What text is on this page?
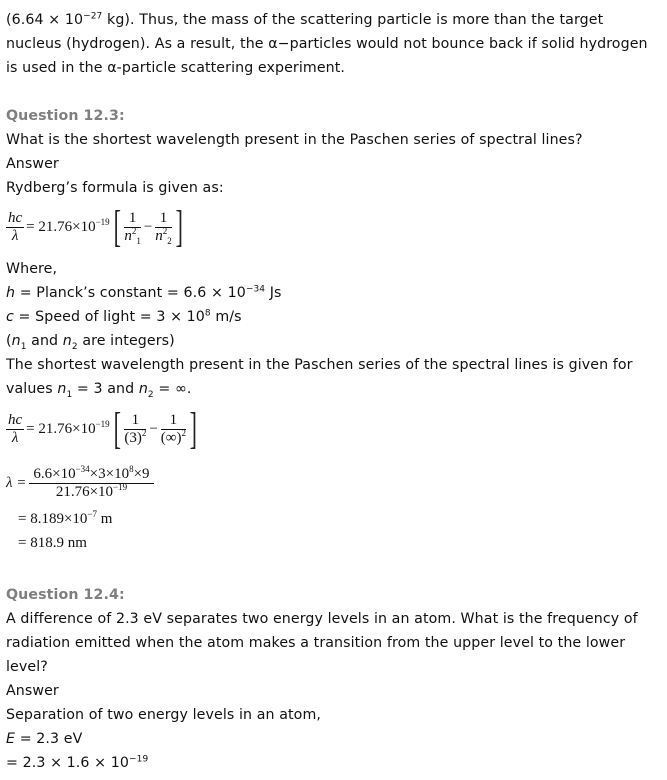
($6.64 \times 10^{-27}$ kg). Thus, the mass of the scattering particle is more than the target
nucleus (hydrogen). As a result, the α−particles would not bounce back if solid hydrogen
is used in the α-particle scattering experiment.
Question 12.3:
What is the shortest wavelength present in the Paschen series of spectral lines?
Answer
Rydberg’s formula is given as:
$\frac{hc}{\lambda} = 21.76\times 10^{-19}$ [ $\frac{1}{n^2_1} - \frac{1}{n^2_2}$ ]
Where,
h = Planck’s constant = $6.6 \times 10^{-34}$ Js
c = Speed of light = $3 \times 10^8$ m/s
($n_1$ and $n_2$ are integers)
The shortest wavelength present in the Paschen series of the spectral lines is given for
values $n_1 = 3$ and $n_2$ = ∞.
$\frac{hc}{\lambda} = 21.76\times 10^{-19}$ [ $\frac{1}{(3)^2} - \frac{1}{(\infty)^2}$ ]
$\lambda = \frac{6.6\times 10^{-34}\times 3\times 10^8\times 9}{21.76\times 10^{-19}}$
= $8.189\times 10^{-7}$ m
= 818.9 nm
Question 12.4:
A difference of 2.3 eV separates two energy levels in an atom. What is the frequency of
radiation emitted when the atom makes a transition from the upper level to the lower
level?
Answer
Separation of two energy levels in an atom,
E = 2.3 eV
= $2.3 \times 1.6 \times 10^{-19}$
